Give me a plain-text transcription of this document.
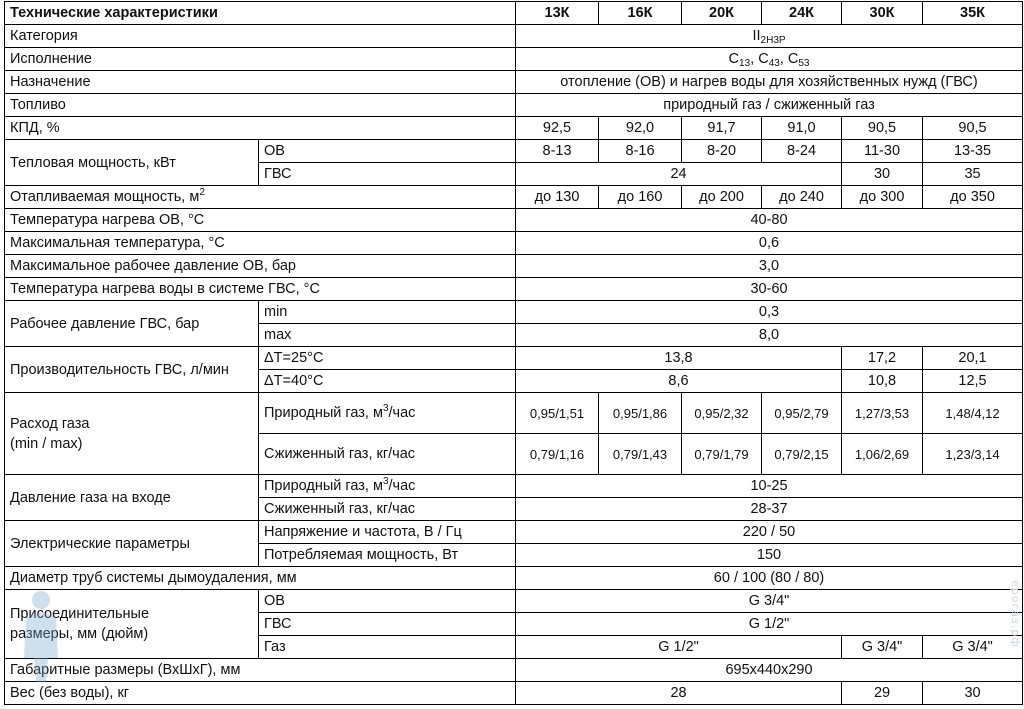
Технические характеристики		13К	16К	20К	24К	30К	35К
Категория		$II_{2H3P}$
Исполнение		$C_{13}$, $C_{43}$, $C_{53}$
Назначение		отопление (ОВ) и нагрев воды для хозяйственных нужд (ГВС)					
Топливо		природный газ / сжиженный газ					
КПД, %		92,5	92,0	91,7	91,0	90,5	90,5
Тепловая мощность, кВт	ОВ	8-13	8-16	8-20	8-24	11-30	13-35
	ГВС	24				30	35
Отапливаемая мощность, $м^2$		до 130	до 160	до 200	до 240	до 300	до 350
Температура нагрева ОВ, °С		40-80					
Максимальная температура, °С		0,6					
Максимальное рабочее давление ОВ, бар		3,0					
Температура нагрева воды в системе ГВС, °С		30-60					
Рабочее давление ГВС, бар	min	0,3					
	max	8,0					
Производительность ГВС, л/мин	ΔТ=25°С	13,8				17,2	20,1
	ΔТ=40°С	8,6				10,8	12,5
Расход газа
(min / max)	Природный газ, $м^3$/час	0,95/1,51	0,95/1,86	0,95/2,32	0,95/2,79	1,27/3,53	1,48/4,12
	Сжиженный газ, кг/час	0,79/1,16	0,79/1,43	0,79/1,79	0,79/2,15	1,06/2,69	1,23/3,14
Давление газа на входе	Природный газ, $м^3$/час	10-25					
	Сжиженный газ, кг/час	28-37					
Электрические параметры	Напряжение и частота, В / Гц	220 / 50					
	Потребляемая мощность, Вт	150					
Диаметр труб системы дымоудаления, мм		60 / 100 (80 / 80)					
Присоединительные
размеры, мм (дюйм)	ОВ	G 3/4"					
	ГВС	G 1/2"					
	Газ	G 1/2"				G 3/4"	G 3/4"
Габаритные размеры (ВхШхГ), мм		695x440x290					
Вес (без воды), кг		28				29	30
ерогаз.рф
